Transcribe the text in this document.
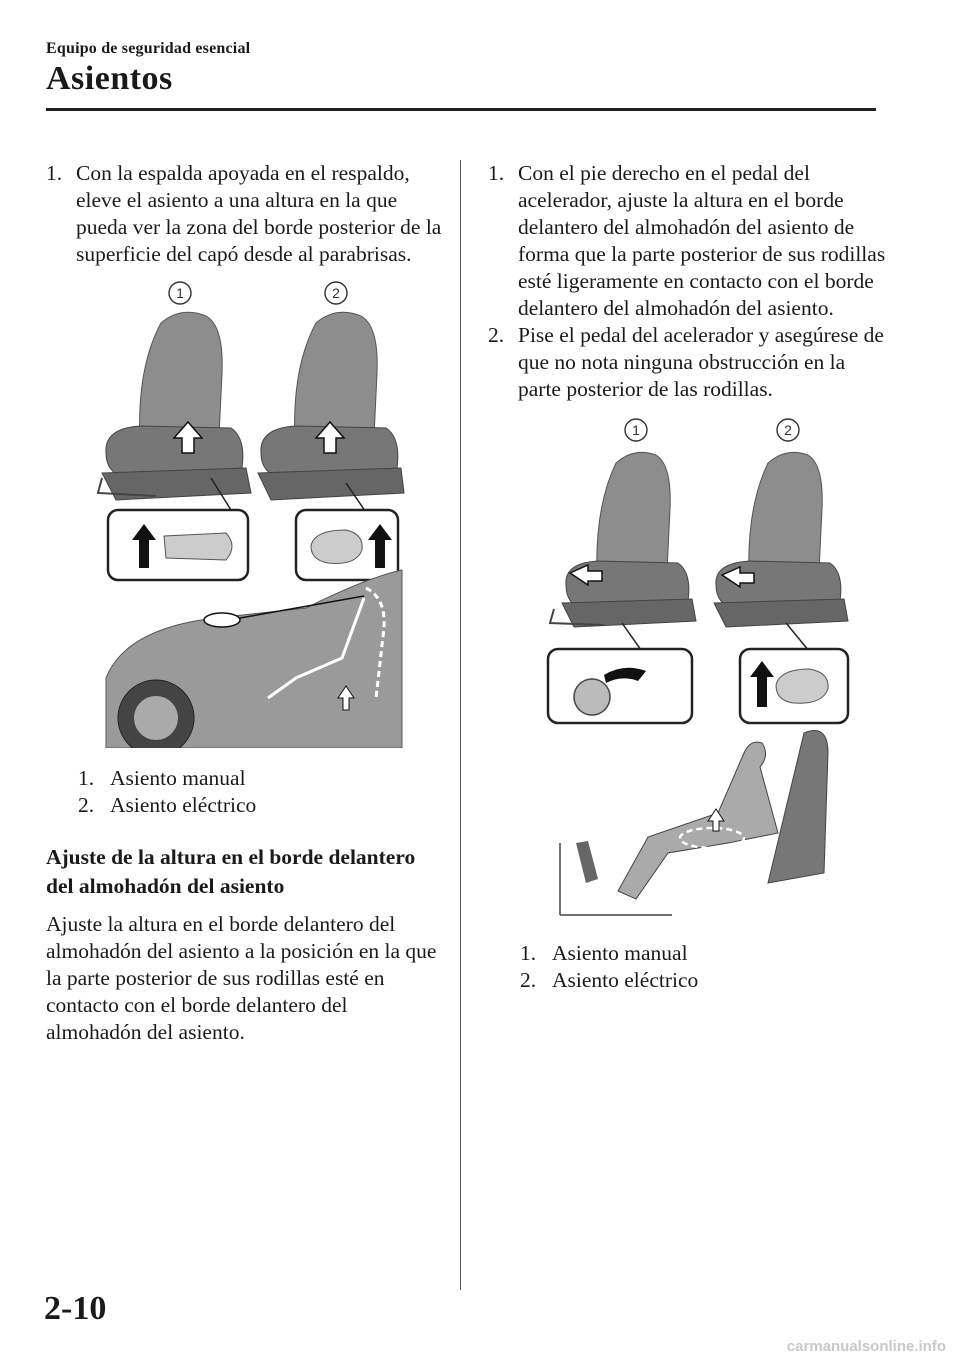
Equipo de seguridad esencial
Asientos
1. Con la espalda apoyada en el respaldo, eleve el asiento a una altura en la que pueda ver la zona del borde posterior de la superficie del capó desde al parabrisas.
1	2
1. Asiento manual
2. Asiento eléctrico
Ajuste de la altura en el borde delantero del almohadón del asiento

Ajuste la altura en el borde delantero del almohadón del asiento a la posición en la que la parte posterior de sus rodillas esté en contacto con el borde delantero del almohadón del asiento.

1. Con el pie derecho en el pedal del acelerador, ajuste la altura en el borde delantero del almohadón del asiento de forma que la parte posterior de sus rodillas esté ligeramente en contacto con el borde delantero del almohadón del asiento.
2. Pise el pedal del acelerador y asegúrese de que no nota ninguna obstrucción en la parte posterior de las rodillas.
1	2
1. Asiento manual
2. Asiento eléctrico
2-10
carmanualsonline.info
